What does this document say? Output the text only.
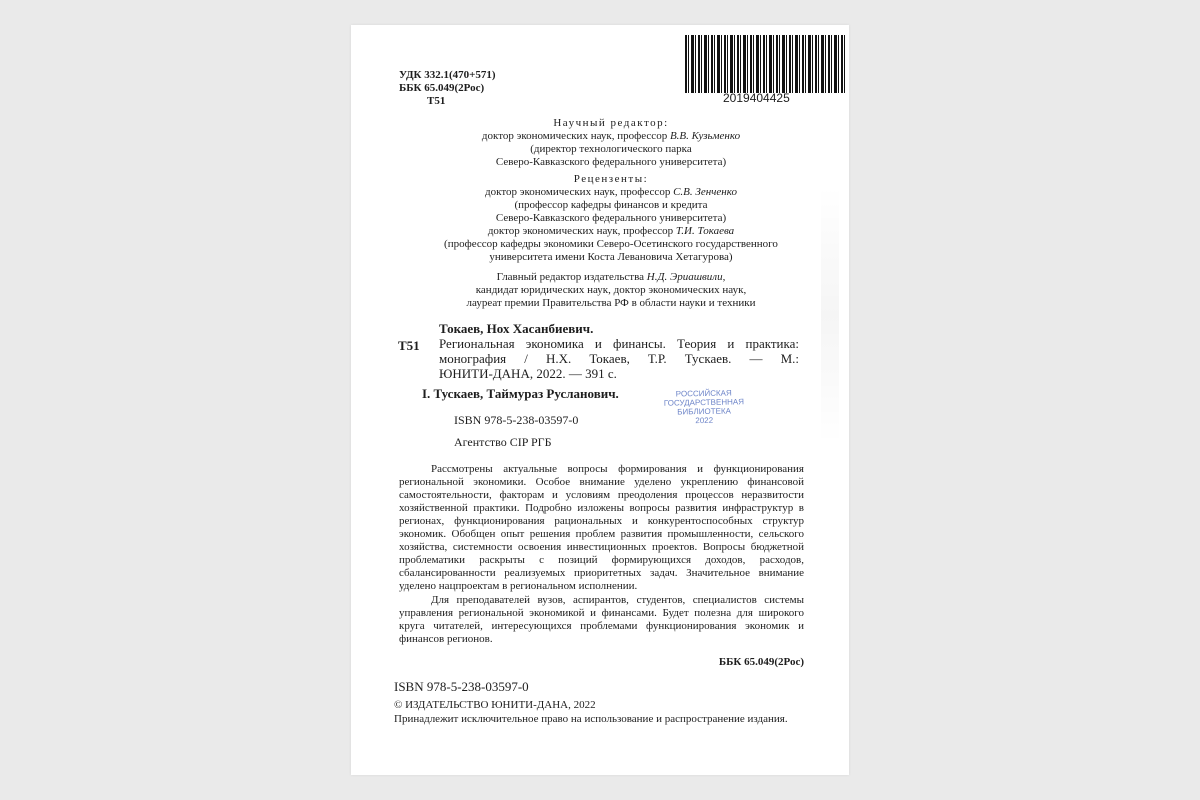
УДК 332.1(470+571)
ББК 65.049(2Рос)
Т51	2019404425
Научный редактор:
доктор экономических наук, профессор В.В. Кузьменко
(директор технологического парка
Северо-Кавказского федерального университета)
Рецензенты:
доктор экономических наук, профессор С.В. Зенченко
(профессор кафедры финансов и кредита
Северо-Кавказского федерального университета)
доктор экономических наук, профессор Т.И. Токаева
(профессор кафедры экономики Северо-Осетинского государственного
университета имени Коста Левановича Хетагурова)
Главный редактор издательства Н.Д. Эриашвили,
кандидат юридических наук, доктор экономических наук,
лауреат премии Правительства РФ в области науки и техники
Токаев, Нох Хасанбиевич.
Т51 Региональная экономика и финансы. Теория и практика:
монография / Н.Х. Токаев, Т.Р. Тускаев. — М.:
ЮНИТИ-ДАНА, 2022. — 391 с.
I. Тускаев, Таймураз Русланович.
ISBN 978-5-238-03597-0
Агентство CIP РГБ
РОССИЙСКАЯ
ГОСУДАРСТВЕННАЯ
БИБЛИОТЕКА
2022
Рассмотрены актуальные вопросы формирования и функционирования региональной экономики. Особое внимание уделено укреплению финансовой самостоятельности, факторам и условиям преодоления процессов неразвитости хозяйственной практики. Подробно изложены вопросы развития инфраструктур в регионах, функционирования рациональных и конкурентоспособных структур экономик. Обобщен опыт решения проблем развития промышленности, сельского хозяйства, системности освоения инвестиционных проектов. Вопросы бюджетной проблематики раскрыты с позиций формирующихся доходов, расходов, сбалансированности реализуемых приоритетных задач. Значительное внимание уделено нацпроектам в региональном исполнении.
Для преподавателей вузов, аспирантов, студентов, специалистов системы управления региональной экономикой и финансами. Будет полезна для широкого круга читателей, интересующихся проблемами функционирования экономик и финансов регионов.
ББК 65.049(2Рос)
ISBN 978-5-238-03597-0
© ИЗДАТЕЛЬСТВО ЮНИТИ-ДАНА, 2022
Принадлежит исключительное право на использование и распространение издания.
